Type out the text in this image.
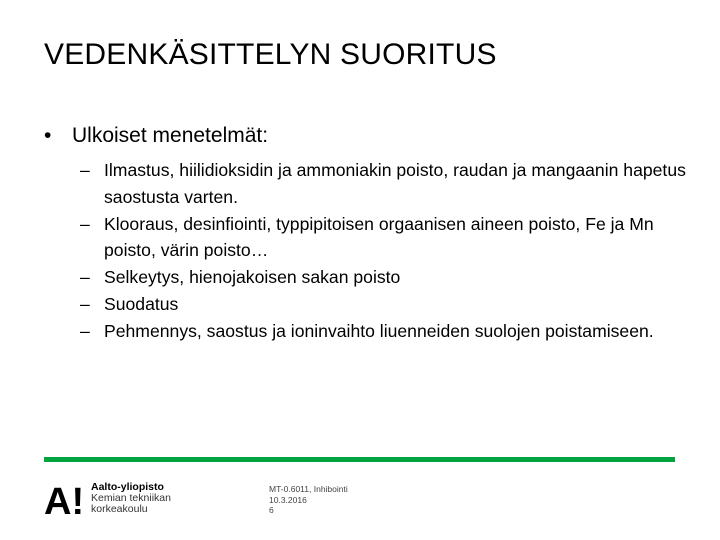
VEDENKÄSITTELYN SUORITUS
• Ulkoiset menetelmät:
– Ilmastus, hiilidioksidin ja ammoniakin poisto, raudan ja mangaanin hapetus saostusta varten.
– Klooraus, desinfiointi, typpipitoisen orgaanisen aineen poisto, Fe ja Mn poisto, värin poisto…
– Selkeytys, hienojakoisen sakan poisto
– Suodatus
– Pehmennys, saostus ja ioninvaihto liuenneiden suolojen poistamiseen.
A! Aalto-yliopisto
Kemian tekniikan
korkeakoulu
MT-0.6011, Inhibointi
10.3.2016
6
